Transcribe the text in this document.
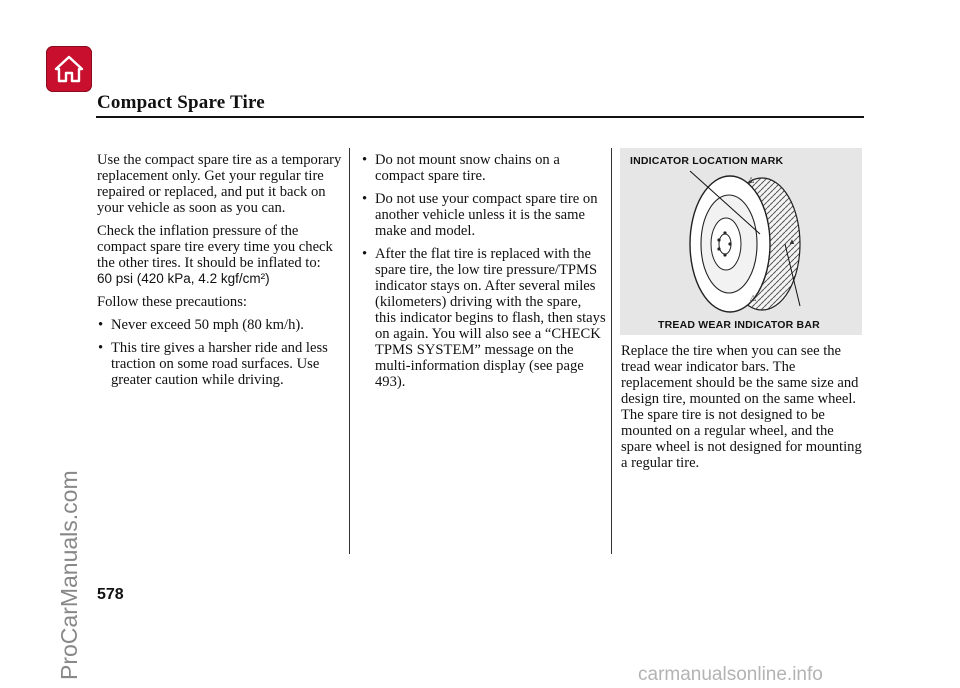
Compact Spare Tire

Use the compact spare tire as a temporary replacement only. Get your regular tire repaired or replaced, and put it back on your vehicle as soon as you can.

Check the inflation pressure of the compact spare tire every time you check the other tires. It should be inflated to:
60 psi (420 kPa, 4.2 kgf/cm²)

Follow these precautions:

• Never exceed 50 mph (80 km/h).
• This tire gives a harsher ride and less traction on some road surfaces. Use greater caution while driving.
• Do not mount snow chains on a compact spare tire.
• Do not use your compact spare tire on another vehicle unless it is the same make and model.
• After the flat tire is replaced with the spare tire, the low tire pressure/TPMS indicator stays on. After several miles (kilometers) driving with the spare, this indicator begins to flash, then stays on again. You will also see a “CHECK TPMS SYSTEM” message on the multi-information display (see page 493).
△
▲
△
INDICATOR LOCATION MARK
TREAD WEAR INDICATOR BAR

Replace the tire when you can see the tread wear indicator bars. The replacement should be the same size and design tire, mounted on the same wheel. The spare tire is not designed to be mounted on a regular wheel, and the spare wheel is not designed for mounting a regular tire.

578
ProCarManuals.com	carmanualsonline.info
